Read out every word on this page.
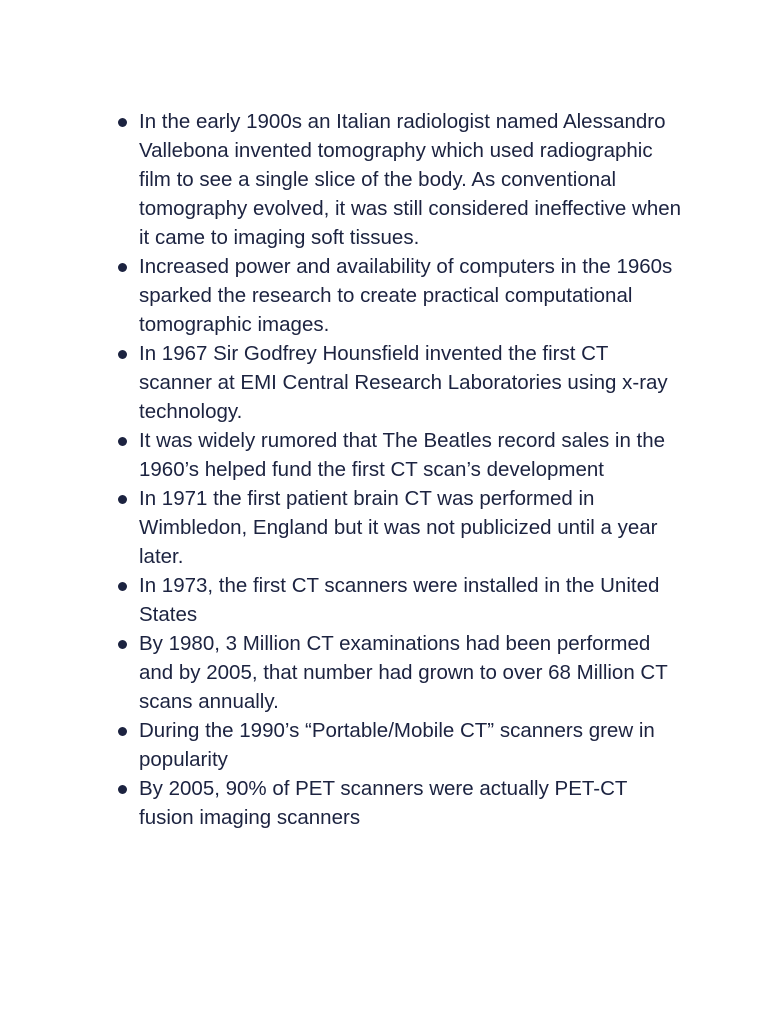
In the early 1900s an Italian radiologist named Alessandro Vallebona invented tomography which used radiographic film to see a single slice of the body. As conventional tomography evolved, it was still considered ineffective when it came to imaging soft tissues.
Increased power and availability of computers in the 1960s sparked the research to create practical computational tomographic images.
In 1967 Sir Godfrey Hounsfield invented the first CT scanner at EMI Central Research Laboratories using x-ray technology.
It was widely rumored that The Beatles record sales in the 1960’s helped fund the first CT scan’s development
In 1971 the first patient brain CT was performed in Wimbledon, England but it was not publicized until a year later.
In 1973, the first CT scanners were installed in the United States
By 1980, 3 Million CT examinations had been performed and by 2005, that number had grown to over 68 Million CT scans annually.
During the 1990’s “Portable/Mobile CT” scanners grew in popularity
By 2005, 90% of PET scanners were actually PET-CT fusion imaging scanners
